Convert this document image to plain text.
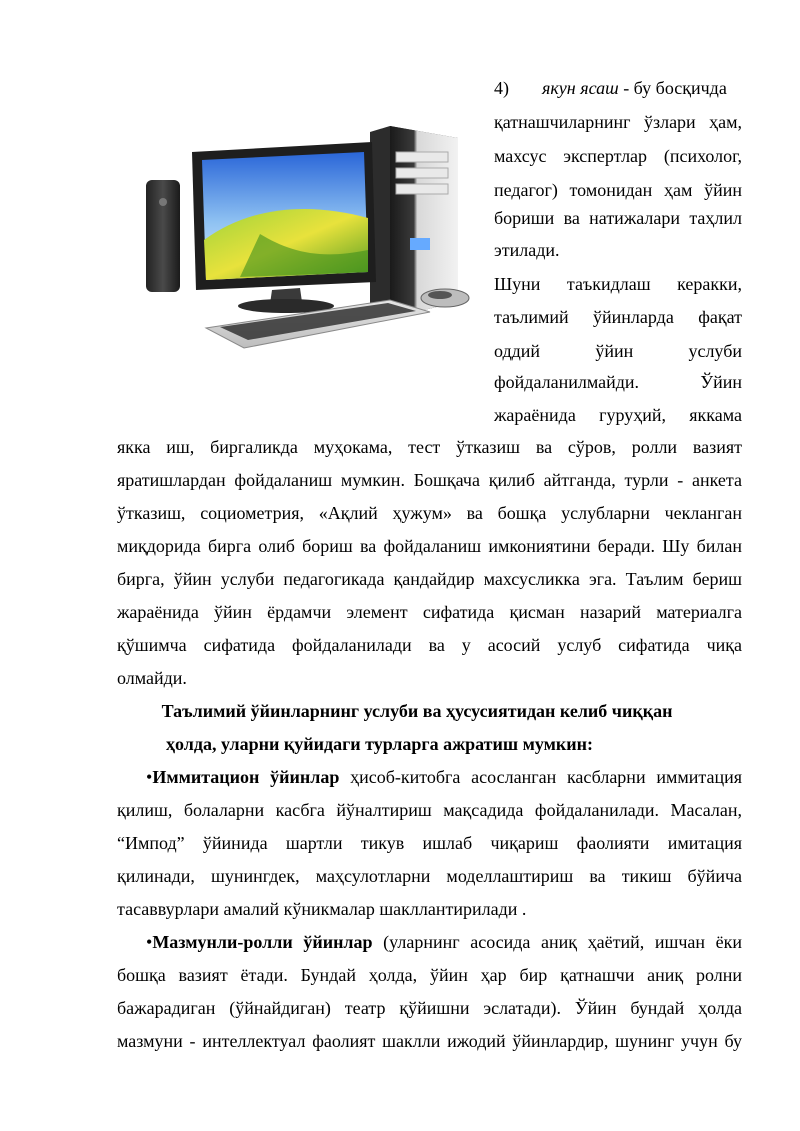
4) якун ясаш - бу босқичда
қатнашчиларнинг ўзлари ҳам,
махсус экспертлар (психолог,
педагог) томонидан ҳам ўйин
бориши ва натижалари таҳлил
этилади.
Шуни таъкидлаш керакки,
таълимий ўйинларда фақат
оддий ўйин услуби
фойдаланилмайди. Ўйин
жараёнида гуруҳий, яккама
якка иш, биргаликда муҳокама, тест ўтказиш ва сўров, ролли вазият
яратишлардан фойдаланиш мумкин. Бошқача қилиб айтганда, турли - анкета
ўтказиш, социометрия, «Ақлий ҳужум» ва бошқа услубларни чекланган
миқдорида бирга олиб бориш ва фойдаланиш имкониятини беради. Шу билан
бирга, ўйин услуби педагогикада қандайдир махсусликка эга. Таълим бериш
жараёнида ўйин ёрдамчи элемент сифатида қисман назарий материалга
қўшимча сифатида фойдаланилади ва у асосий услуб сифатида чиқа
олмайди.
Таълимий ўйинларнинг услуби ва ҳусусиятидан келиб чиққан
ҳолда, уларни қуйидаги турларга ажратиш мумкин:
•Иммитацион ўйинлар ҳисоб-китобга асосланган касбларни иммитация
қилиш, болаларни касбга йўналтириш мақсадида фойдаланилади. Масалан,
“Импод” ўйинида шартли тикув ишлаб чиқариш фаолияти имитация
қилинади, шунингдек, маҳсулотларни моделлаштириш ва тикиш бўйича
тасаввурлари амалий кўникмалар шакллантирилади .
•Мазмунли-ролли ўйинлар (уларнинг асосида аниқ ҳаётий, ишчан ёки
бошқа вазият ётади. Бундай ҳолда, ўйин ҳар бир қатнашчи аниқ ролни
бажарадиган (ўйнайдиган) театр қўйишни эслатади). Ўйин бундай ҳолда
мазмуни - интеллектуал фаолият шаклли ижодий ўйинлардир, шунинг учун бу
